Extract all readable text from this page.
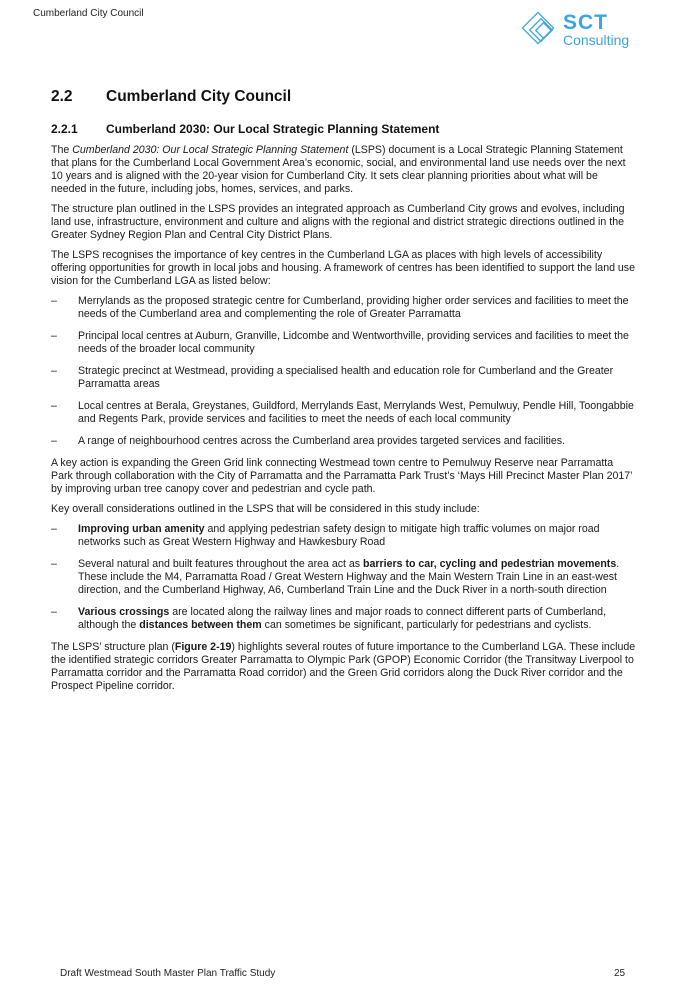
Cumberland City Council	SCT
Consulting
2.2	Cumberland City Council
2.2.1	Cumberland 2030: Our Local Strategic Planning Statement

The Cumberland 2030: Our Local Strategic Planning Statement (LSPS) document is a Local Strategic Planning Statement that plans for the Cumberland Local Government Area’s economic, social, and environmental land use needs over the next 10 years and is aligned with the 20-year vision for Cumberland City. It sets clear planning priorities about what will be needed in the future, including jobs, homes, services, and parks.

The structure plan outlined in the LSPS provides an integrated approach as Cumberland City grows and evolves, including land use, infrastructure, environment and culture and aligns with the regional and district strategic directions outlined in the Greater Sydney Region Plan and Central City District Plans.

The LSPS recognises the importance of key centres in the Cumberland LGA as places with high levels of accessibility offering opportunities for growth in local jobs and housing. A framework of centres has been identified to support the land use vision for the Cumberland LGA as listed below:

– Merrylands as the proposed strategic centre for Cumberland, providing higher order services and facilities to meet the needs of the Cumberland area and complementing the role of Greater Parramatta
– Principal local centres at Auburn, Granville, Lidcombe and Wentworthville, providing services and facilities to meet the needs of the broader local community
– Strategic precinct at Westmead, providing a specialised health and education role for Cumberland and the Greater Parramatta areas
– Local centres at Berala, Greystanes, Guildford, Merrylands East, Merrylands West, Pemulwuy, Pendle Hill, Toongabbie and Regents Park, provide services and facilities to meet the needs of each local community
– A range of neighbourhood centres across the Cumberland area provides targeted services and facilities.

A key action is expanding the Green Grid link connecting Westmead town centre to Pemulwuy Reserve near Parramatta Park through collaboration with the City of Parramatta and the Parramatta Park Trust’s ‘Mays Hill Precinct Master Plan 2017’ by improving urban tree canopy cover and pedestrian and cycle path.

Key overall considerations outlined in the LSPS that will be considered in this study include:

– Improving urban amenity and applying pedestrian safety design to mitigate high traffic volumes on major road networks such as Great Western Highway and Hawkesbury Road
– Several natural and built features throughout the area act as barriers to car, cycling and pedestrian movements. These include the M4, Parramatta Road / Great Western Highway and the Main Western Train Line in an east-west direction, and the Cumberland Highway, A6, Cumberland Train Line and the Duck River in a north-south direction
– Various crossings are located along the railway lines and major roads to connect different parts of Cumberland, although the distances between them can sometimes be significant, particularly for pedestrians and cyclists.

The LSPS’ structure plan (Figure 2-19) highlights several routes of future importance to the Cumberland LGA. These include the identified strategic corridors Greater Parramatta to Olympic Park (GPOP) Economic Corridor (the Transitway Liverpool to Parramatta corridor and the Parramatta Road corridor) and the Green Grid corridors along the Duck River corridor and the Prospect Pipeline corridor.

Draft Westmead South Master Plan Traffic Study	25
